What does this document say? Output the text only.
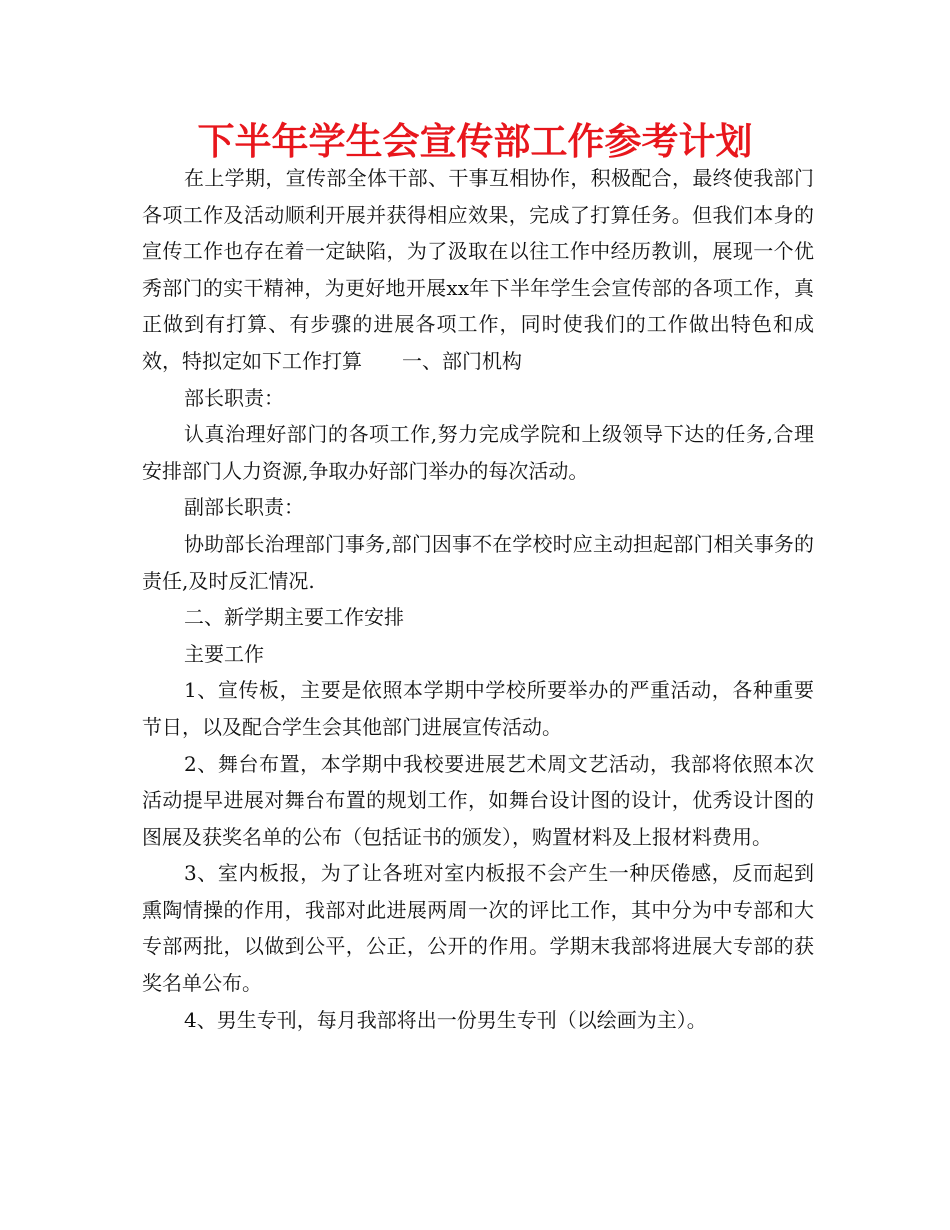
下半年学生会宣传部工作参考计划

在上学期，宣传部全体干部、干事互相协作，积极配合，最终使我部门各项工作及活动顺利开展并获得相应效果，完成了打算任务。但我们本身的宣传工作也存在着一定缺陷，为了汲取在以往工作中经历教训，展现一个优秀部门的实干精神，为更好地开展xx年下半年学生会宣传部的各项工作，真正做到有打算、有步骤的进展各项工作，同时使我们的工作做出特色和成效，特拟定如下工作打算　　一、部门机构

部长职责：

认真治理好部门的各项工作,努力完成学院和上级领导下达的任务,合理安排部门人力资源,争取办好部门举办的每次活动。

副部长职责：

协助部长治理部门事务,部门因事不在学校时应主动担起部门相关事务的责任,及时反汇情况.

二、新学期主要工作安排

主要工作

1、宣传板，主要是依照本学期中学校所要举办的严重活动，各种重要节日，以及配合学生会其他部门进展宣传活动。

2、舞台布置，本学期中我校要进展艺术周文艺活动，我部将依照本次活动提早进展对舞台布置的规划工作，如舞台设计图的设计，优秀设计图的图展及获奖名单的公布（包括证书的颁发），购置材料及上报材料费用。

3、室内板报，为了让各班对室内板报不会产生一种厌倦感，反而起到熏陶情操的作用，我部对此进展两周一次的评比工作，其中分为中专部和大专部两批，以做到公平，公正，公开的作用。学期末我部将进展大专部的获奖名单公布。

4、男生专刊，每月我部将出一份男生专刊（以绘画为主）。
